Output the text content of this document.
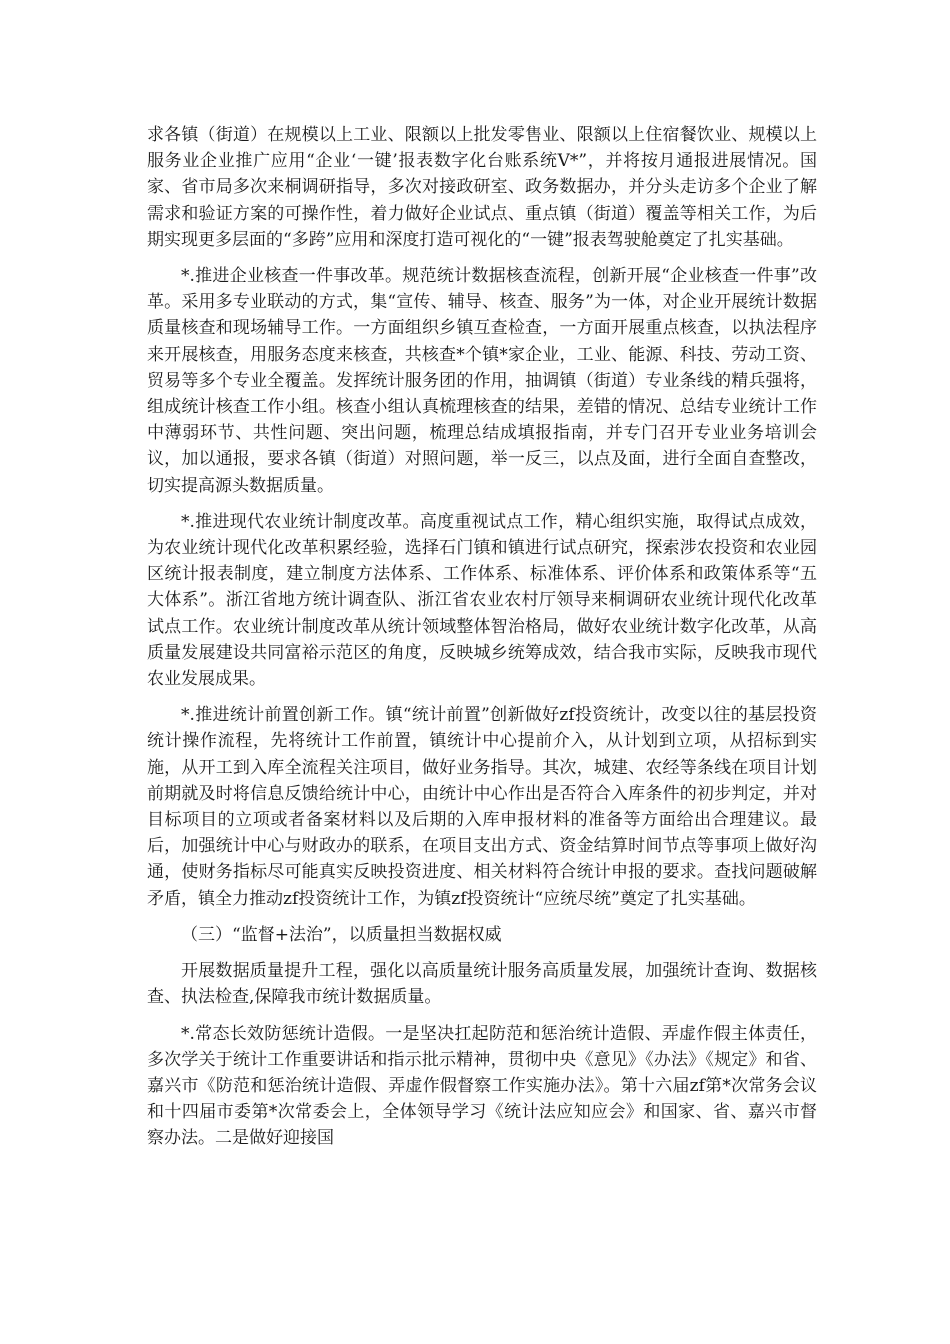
求各镇（街道）在规模以上工业、限额以上批发零售业、限额以上住宿餐饮业、规模以上服务业企业推广应用“企业‘一键’报表数字化台账系统V*”，并将按月通报进展情况。国家、省市局多次来桐调研指导，多次对接政研室、政务数据办，并分头走访多个企业了解需求和验证方案的可操作性，着力做好企业试点、重点镇（街道）覆盖等相关工作，为后期实现更多层面的“多跨”应用和深度打造可视化的“一键”报表驾驶舱奠定了扎实基础。

*.推进企业核查一件事改革。规范统计数据核查流程，创新开展“企业核查一件事”改革。采用多专业联动的方式，集“宣传、辅导、核查、服务”为一体，对企业开展统计数据质量核查和现场辅导工作。一方面组织乡镇互查检查，一方面开展重点核查，以执法程序来开展核查，用服务态度来核查，共核查*个镇*家企业，工业、能源、科技、劳动工资、贸易等多个专业全覆盖。发挥统计服务团的作用，抽调镇（街道）专业条线的精兵强将，组成统计核查工作小组。核查小组认真梳理核查的结果，差错的情况、总结专业统计工作中薄弱环节、共性问题、突出问题，梳理总结成填报指南，并专门召开专业业务培训会议，加以通报，要求各镇（街道）对照问题，举一反三，以点及面，进行全面自查整改，切实提高源头数据质量。

*.推进现代农业统计制度改革。高度重视试点工作，精心组织实施，取得试点成效，为农业统计现代化改革积累经验，选择石门镇和镇进行试点研究，探索涉农投资和农业园区统计报表制度，建立制度方法体系、工作体系、标准体系、评价体系和政策体系等“五大体系”。浙江省地方统计调查队、浙江省农业农村厅领导来桐调研农业统计现代化改革试点工作。农业统计制度改革从统计领域整体智治格局，做好农业统计数字化改革，从高质量发展建设共同富裕示范区的角度，反映城乡统筹成效，结合我市实际，反映我市现代农业发展成果。

*.推进统计前置创新工作。镇“统计前置”创新做好zf投资统计，改变以往的基层投资统计操作流程，先将统计工作前置，镇统计中心提前介入，从计划到立项，从招标到实施，从开工到入库全流程关注项目，做好业务指导。其次，城建、农经等条线在项目计划前期就及时将信息反馈给统计中心，由统计中心作出是否符合入库条件的初步判定，并对目标项目的立项或者备案材料以及后期的入库申报材料的准备等方面给出合理建议。最后，加强统计中心与财政办的联系，在项目支出方式、资金结算时间节点等事项上做好沟通，使财务指标尽可能真实反映投资进度、相关材料符合统计申报的要求。查找问题破解矛盾，镇全力推动zf投资统计工作，为镇zf投资统计“应统尽统”奠定了扎实基础。

（三）“监督+法治”，以质量担当数据权威

开展数据质量提升工程，强化以高质量统计服务高质量发展，加强统计查询、数据核查、执法检查,保障我市统计数据质量。

*.常态长效防惩统计造假。一是坚决扛起防范和惩治统计造假、弄虚作假主体责任，多次学关于统计工作重要讲话和指示批示精神，贯彻中央《意见》《办法》《规定》和省、嘉兴市《防范和惩治统计造假、弄虚作假督察工作实施办法》。第十六届zf第*次常务会议和十四届市委第*次常委会上，全体领导学习《统计法应知应会》和国家、省、嘉兴市督察办法。二是做好迎接国
